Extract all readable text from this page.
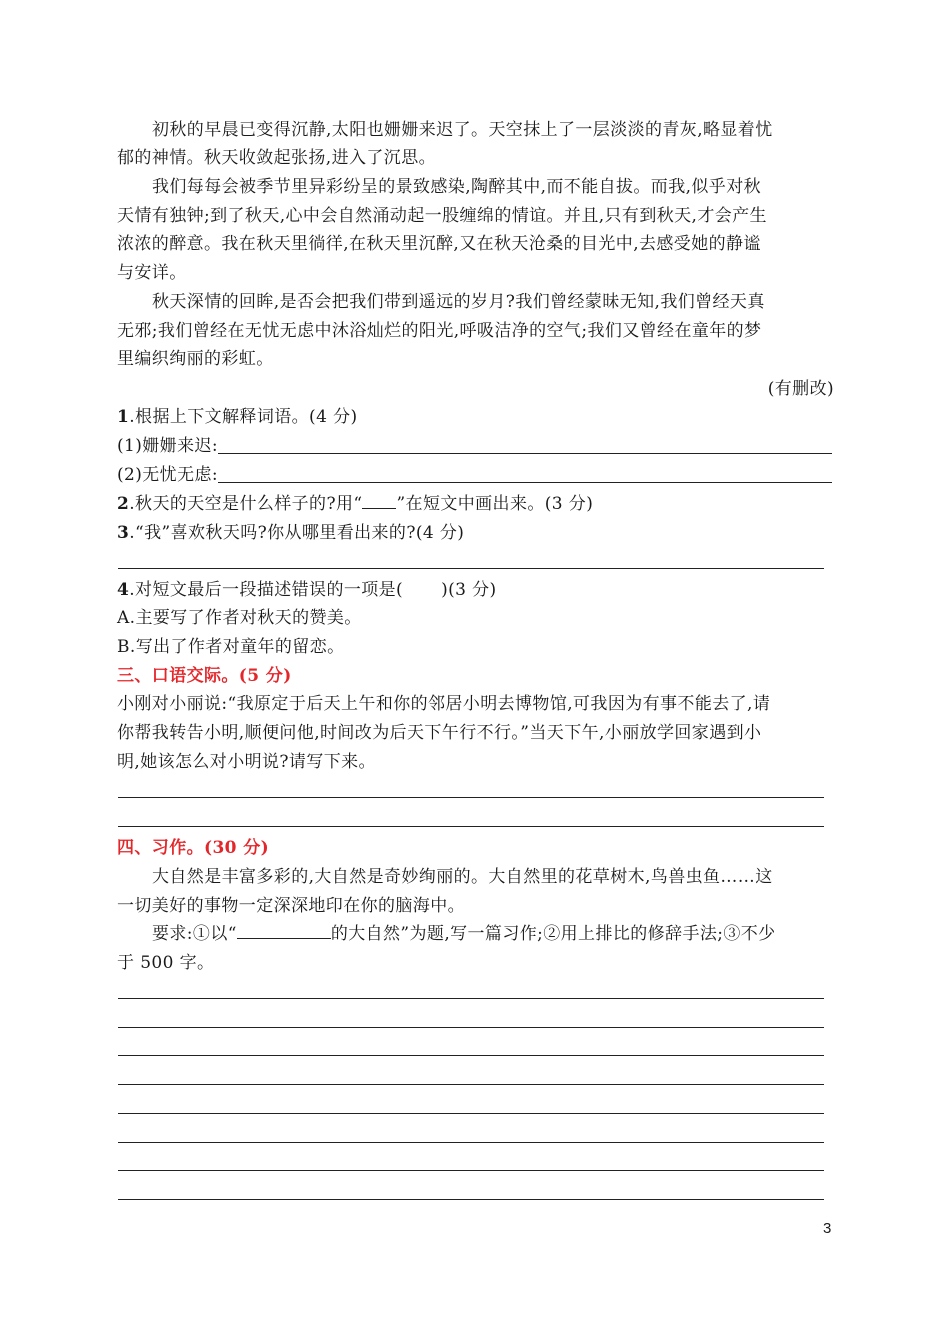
初秋的早晨已变得沉静,太阳也姗姗来迟了。天空抹上了一层淡淡的青灰,略显着忧
郁的神情。秋天收敛起张扬,进入了沉思。
我们每每会被季节里异彩纷呈的景致感染,陶醉其中,而不能自拔。而我,似乎对秋
天情有独钟;到了秋天,心中会自然涌动起一股缠绵的情谊。并且,只有到秋天,才会产生
浓浓的醉意。我在秋天里徜徉,在秋天里沉醉,又在秋天沧桑的目光中,去感受她的静谧
与安详。
秋天深情的回眸,是否会把我们带到遥远的岁月?我们曾经蒙昧无知,我们曾经天真
无邪;我们曾经在无忧无虑中沐浴灿烂的阳光,呼吸洁净的空气;我们又曾经在童年的梦
里编织绚丽的彩虹。
(有删改)
1.根据上下文解释词语。(4 分)
(1)姗姗来迟:
(2)无忧无虑:
2.秋天的天空是什么样子的?用“ ”在短文中画出来。(3 分)
3.“我”喜欢秋天吗?你从哪里看出来的?(4 分)
4.对短文最后一段描述错误的一项是( )(3 分)
A.主要写了作者对秋天的赞美。
B.写出了作者对童年的留恋。
三、口语交际。(5 分)
小刚对小丽说:“我原定于后天上午和你的邻居小明去博物馆,可我因为有事不能去了,请
你帮我转告小明,顺便问他,时间改为后天下午行不行。”当天下午,小丽放学回家遇到小
明,她该怎么对小明说?请写下来。
四、习作。(30 分)
大自然是丰富多彩的,大自然是奇妙绚丽的。大自然里的花草树木,鸟兽虫鱼……这
一切美好的事物一定深深地印在你的脑海中。
要求:①以“	的大自然”为题,写一篇习作;②用上排比的修辞手法;③不少
于 500 字。
3
